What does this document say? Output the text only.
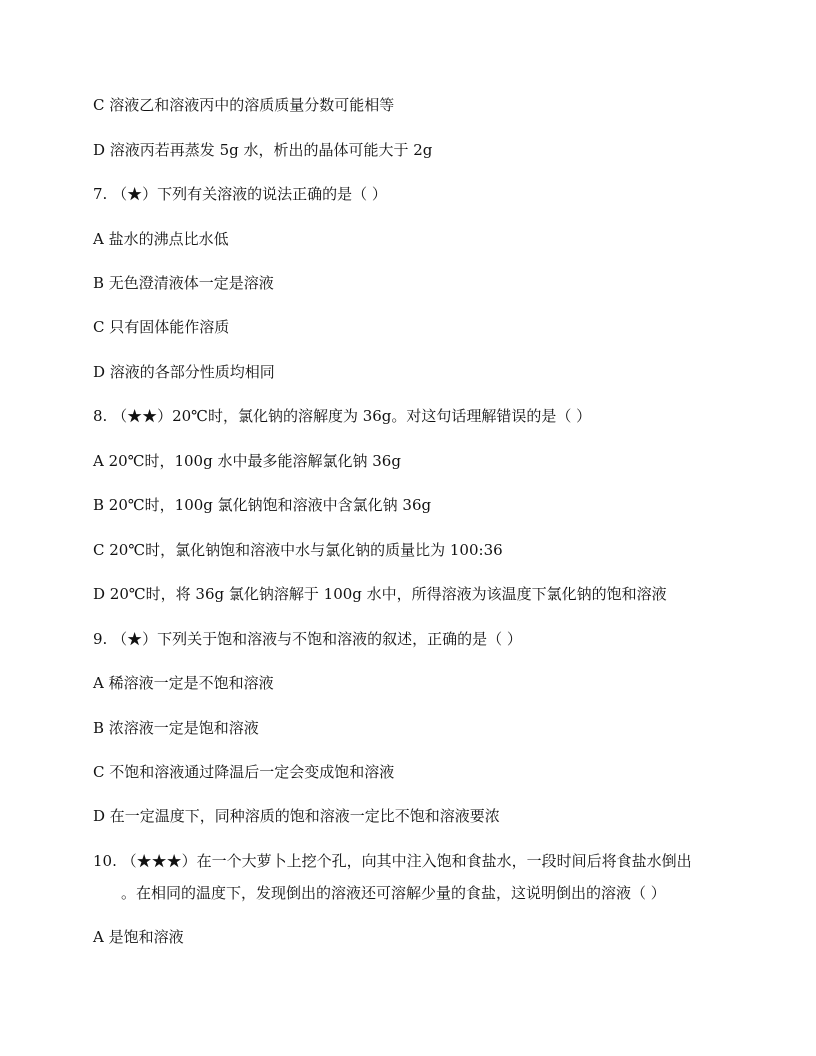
C 溶液乙和溶液丙中的溶质质量分数可能相等
D 溶液丙若再蒸发 5g 水，析出的晶体可能大于 2g
7. （★）下列有关溶液的说法正确的是（ ）
A 盐水的沸点比水低
B 无色澄清液体一定是溶液
C 只有固体能作溶质
D 溶液的各部分性质均相同
8. （★★）20℃时，氯化钠的溶解度为 36g。对这句话理解错误的是（ ）
A 20℃时，100g 水中最多能溶解氯化钠 36g
B 20℃时，100g 氯化钠饱和溶液中含氯化钠 36g
C 20℃时，氯化钠饱和溶液中水与氯化钠的质量比为 100:36
D 20℃时，将 36g 氯化钠溶解于 100g 水中，所得溶液为该温度下氯化钠的饱和溶液
9. （★）下列关于饱和溶液与不饱和溶液的叙述，正确的是（ ）
A 稀溶液一定是不饱和溶液
B 浓溶液一定是饱和溶液
C 不饱和溶液通过降温后一定会变成饱和溶液
D 在一定温度下，同种溶质的饱和溶液一定比不饱和溶液要浓
10. （★★★）在一个大萝卜上挖个孔，向其中注入饱和食盐水，一段时间后将食盐水倒出
。在相同的温度下，发现倒出的溶液还可溶解少量的食盐，这说明倒出的溶液（ ）
A 是饱和溶液
